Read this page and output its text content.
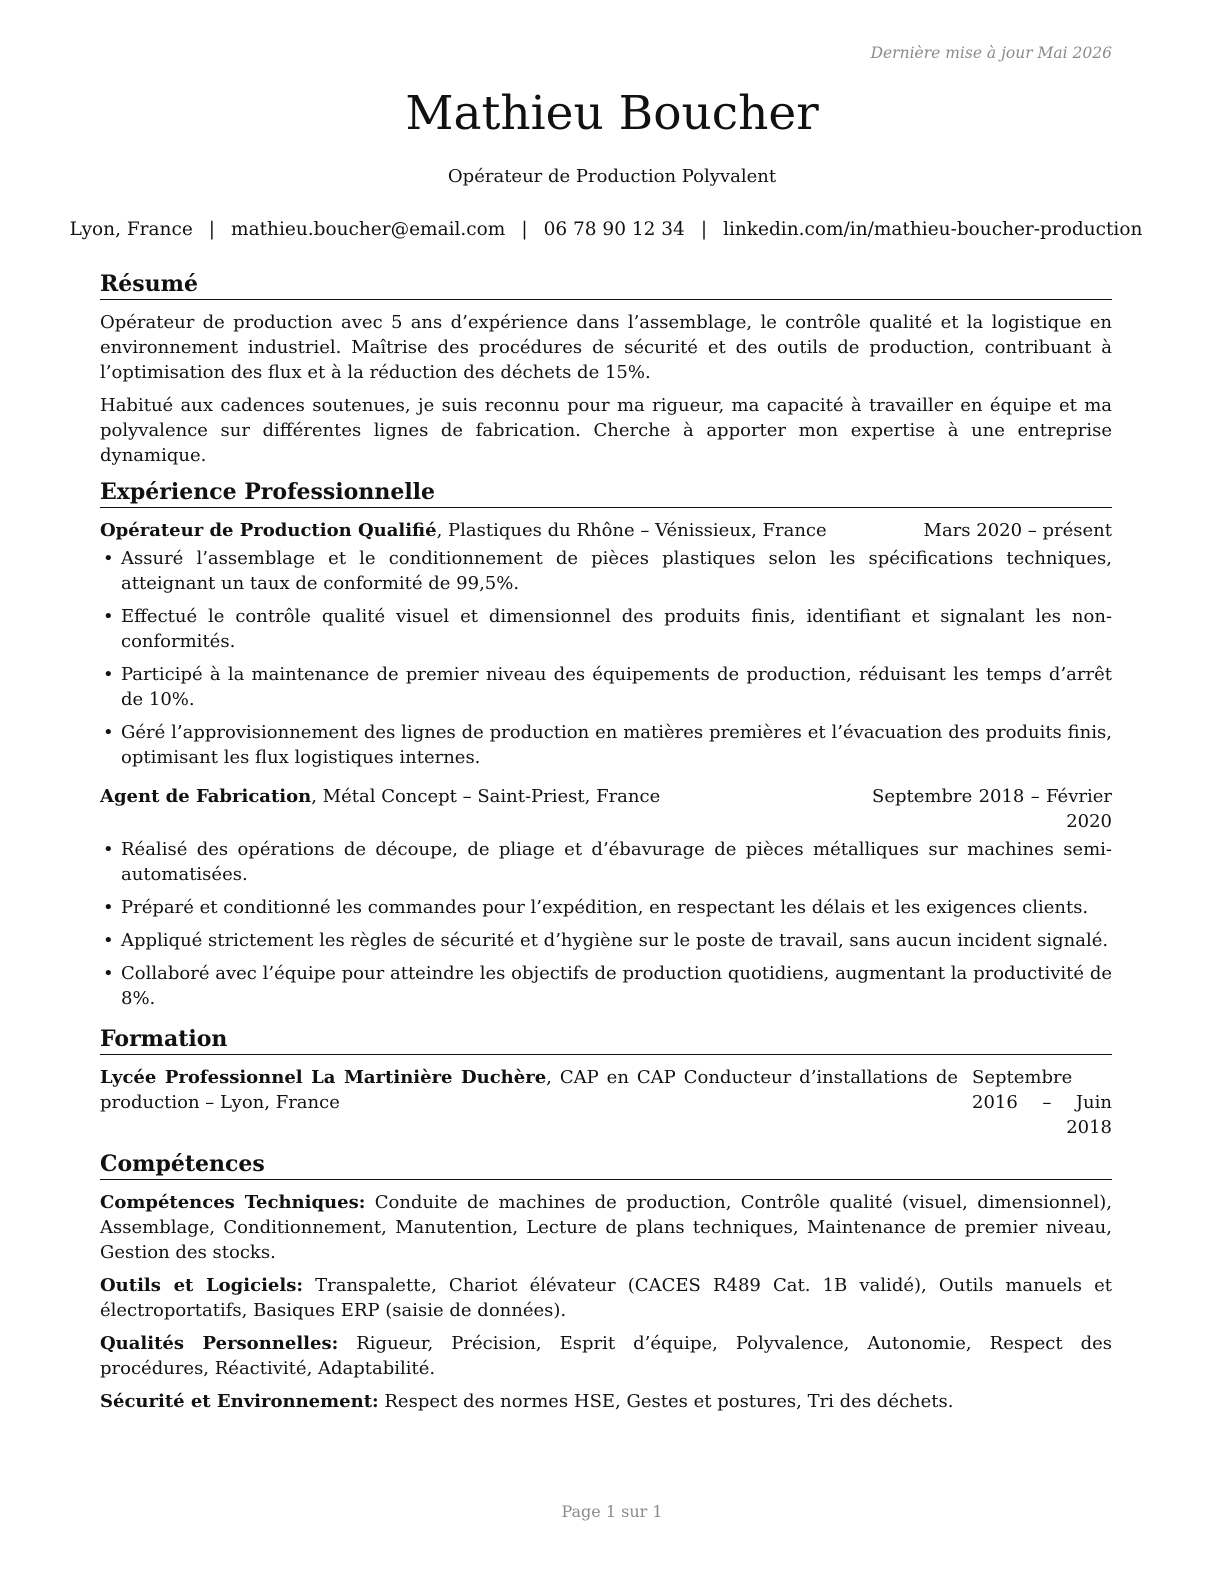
Dernière mise à jour Mai 2026
Mathieu Boucher
Opérateur de Production Polyvalent
Lyon, France | mathieu.boucher@email.com | 06 78 90 12 34 | linkedin.com/in/mathieu-boucher-production
Résumé

Opérateur de production avec 5 ans d’expérience dans l’assemblage, le contrôle qualité et la logistique en environnement industriel. Maîtrise des procédures de sécurité et des outils de production, contribuant à l’optimisation des flux et à la réduction des déchets de 15%.

Habitué aux cadences soutenues, je suis reconnu pour ma rigueur, ma capacité à travailler en équipe et ma polyvalence sur différentes lignes de fabrication. Cherche à apporter mon expertise à une entreprise dynamique.

Expérience Professionnelle
Opérateur de Production Qualifié, Plastiques du Rhône – Vénissieux, France	Mars 2020 – présent
• Assuré l’assemblage et le conditionnement de pièces plastiques selon les spécifications techniques, atteignant un taux de conformité de 99,5%.
• Effectué le contrôle qualité visuel et dimensionnel des produits finis, identifiant et signalant les non-conformités.
• Participé à la maintenance de premier niveau des équipements de production, réduisant les temps d’arrêt de 10%.
• Géré l’approvisionnement des lignes de production en matières premières et l’évacuation des produits finis, optimisant les flux logistiques internes.
Agent de Fabrication, Métal Concept – Saint-Priest, France	Septembre 2018 – Février 2020
• Réalisé des opérations de découpe, de pliage et d’ébavurage de pièces métalliques sur machines semi-automatisées.
• Préparé et conditionné les commandes pour l’expédition, en respectant les délais et les exigences clients.
• Appliqué strictement les règles de sécurité et d’hygiène sur le poste de travail, sans aucun incident signalé.
• Collaboré avec l’équipe pour atteindre les objectifs de production quotidiens, augmentant la productivité de 8%.
Formation
Lycée Professionnel La Martinière Duchère, CAP en CAP Conducteur d’installations de production – Lyon, France
Septembre 2016 – Juin 2018
Compétences

Compétences Techniques: Conduite de machines de production, Contrôle qualité (visuel, dimensionnel), Assemblage, Conditionnement, Manutention, Lecture de plans techniques, Maintenance de premier niveau, Gestion des stocks.

Outils et Logiciels: Transpalette, Chariot élévateur (CACES R489 Cat. 1B validé), Outils manuels et électroportatifs, Basiques ERP (saisie de données).

Qualités Personnelles: Rigueur, Précision, Esprit d’équipe, Polyvalence, Autonomie, Respect des procédures, Réactivité, Adaptabilité.

Sécurité et Environnement: Respect des normes HSE, Gestes et postures, Tri des déchets.

Page 1 sur 1
